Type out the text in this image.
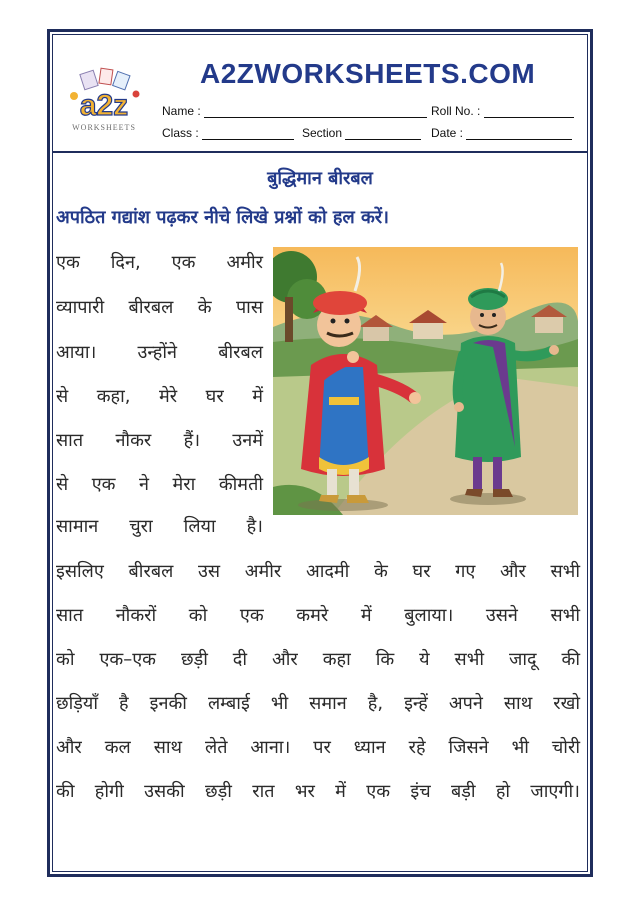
a2z
WORKSHEETS
A2ZWORKSHEETS.COM
Name :	Roll No. :
Class :	Section	Date :
बुद्धिमान बीरबल
अपठित गद्यांश पढ़कर नीचे लिखे प्रश्नों को हल करें।
एक दिन, एक अमीर
व्यापारी बीरबल के पास
आया। उन्होंने बीरबल
से कहा, मेरे घर में
सात नौकर हैं। उनमें
से एक ने मेरा कीमती
सामान चुरा लिया है।
इसलिए बीरबल उस अमीर आदमी के घर गए और सभी
सात नौकरों को एक कमरे में बुलाया। उसने सभी
को एक–एक छड़ी दी और कहा कि ये सभी जादू की
छड़ियाँ है इनकी लम्बाई भी समान है, इन्हें अपने साथ रखो
और कल साथ लेते आना। पर ध्यान रहे जिसने भी चोरी
की होगी उसकी छड़ी रात भर में एक इंच बड़ी हो जाएगी।
